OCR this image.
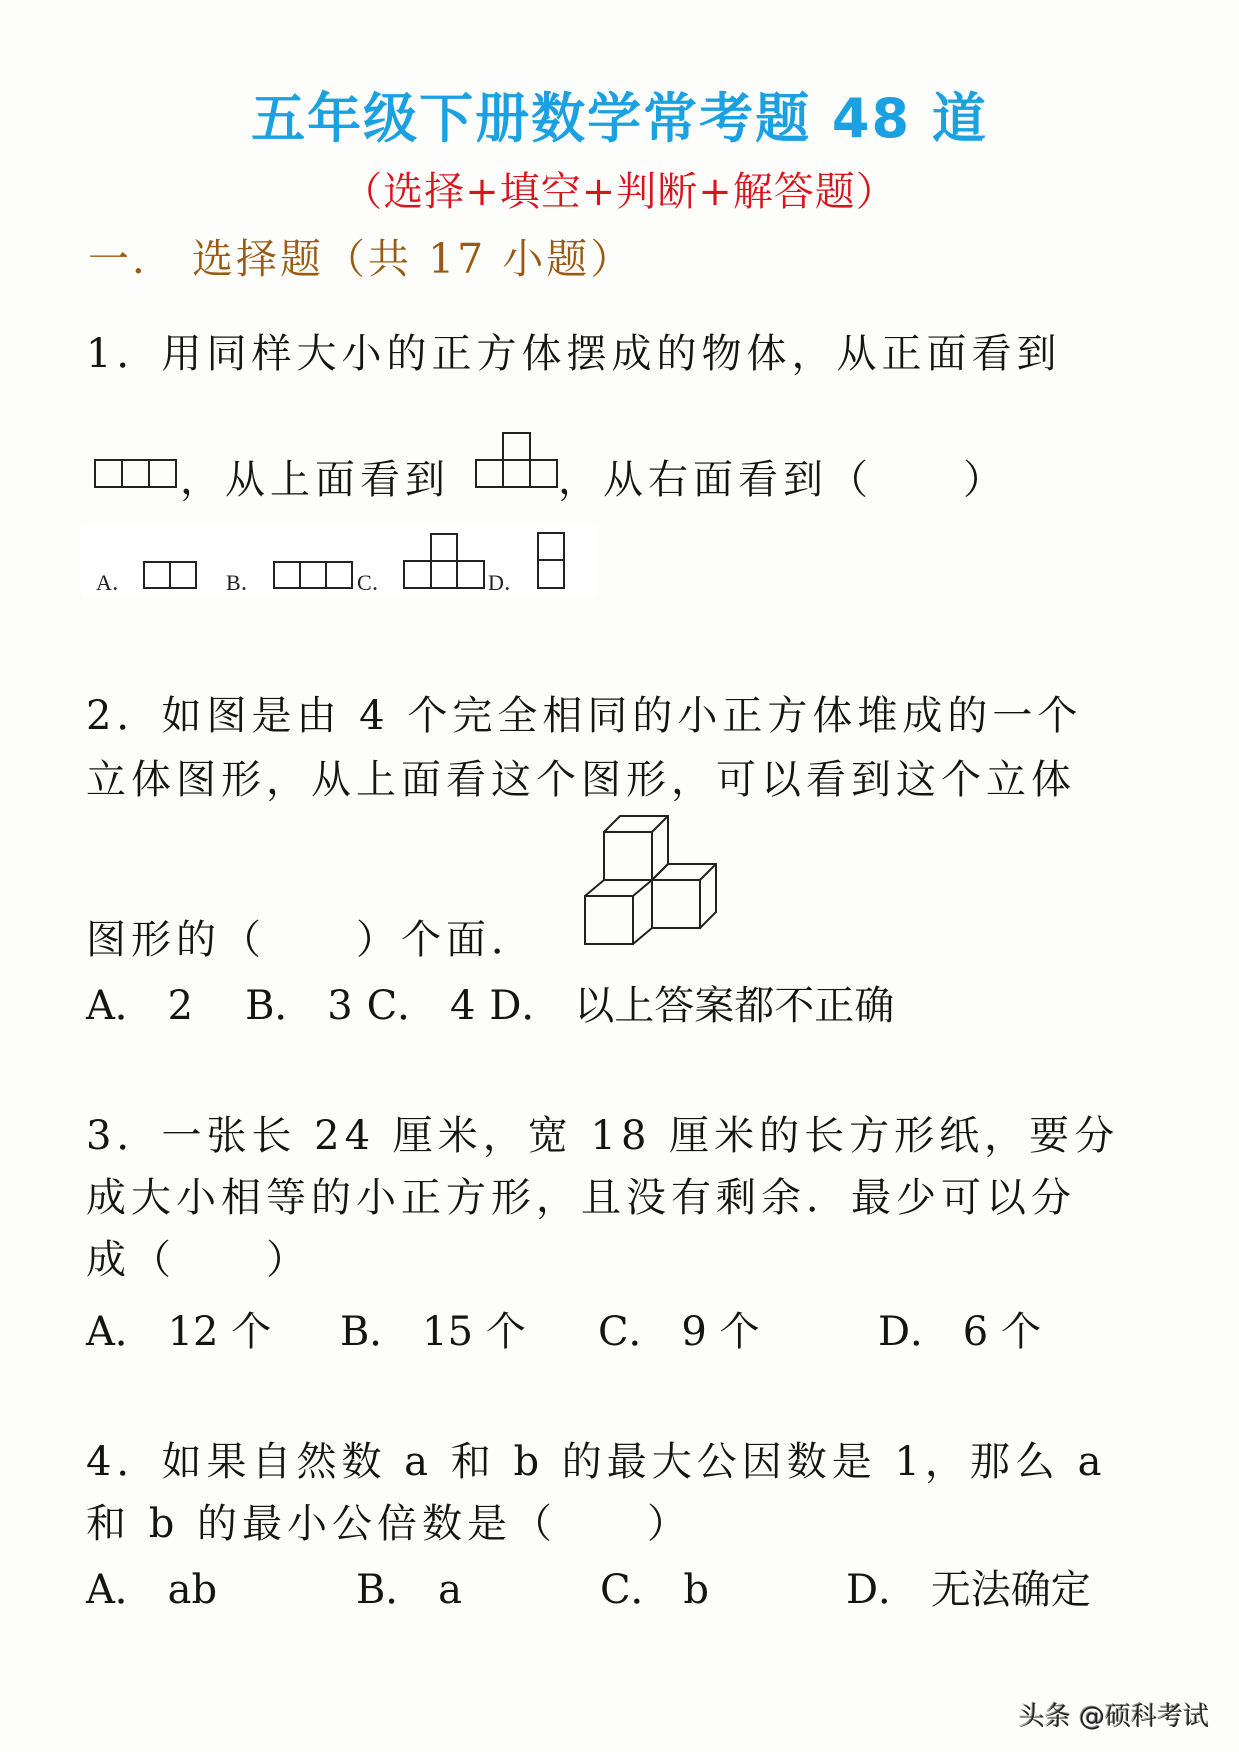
五年级下册数学常考题 48 道
（选择+填空+判断+解答题）
一． 选择题（共 17 小题）
1．用同样大小的正方体摆成的物体，从正面看到
，从上面看到	，从右面看到（　　）
A．	B．	C．	D．
2．如图是由 4 个完全相同的小正方体堆成的一个
立体图形，从上面看这个图形，可以看到这个立体
图形的（　　）个面．
A． 2 B． 3 C． 4 D． 以上答案都不正确
3．一张长 24 厘米，宽 18 厘米的长方形纸，要分
成大小相等的小正方形，且没有剩余．最少可以分
成（　　）
A． 12 个 B． 15 个 C． 9 个	D． 6 个
4．如果自然数 a 和 b 的最大公因数是 1，那么 a
和 b 的最小公倍数是（　　）
A． ab	B． a	C． b	D． 无法确定
头条 @硕科考试
